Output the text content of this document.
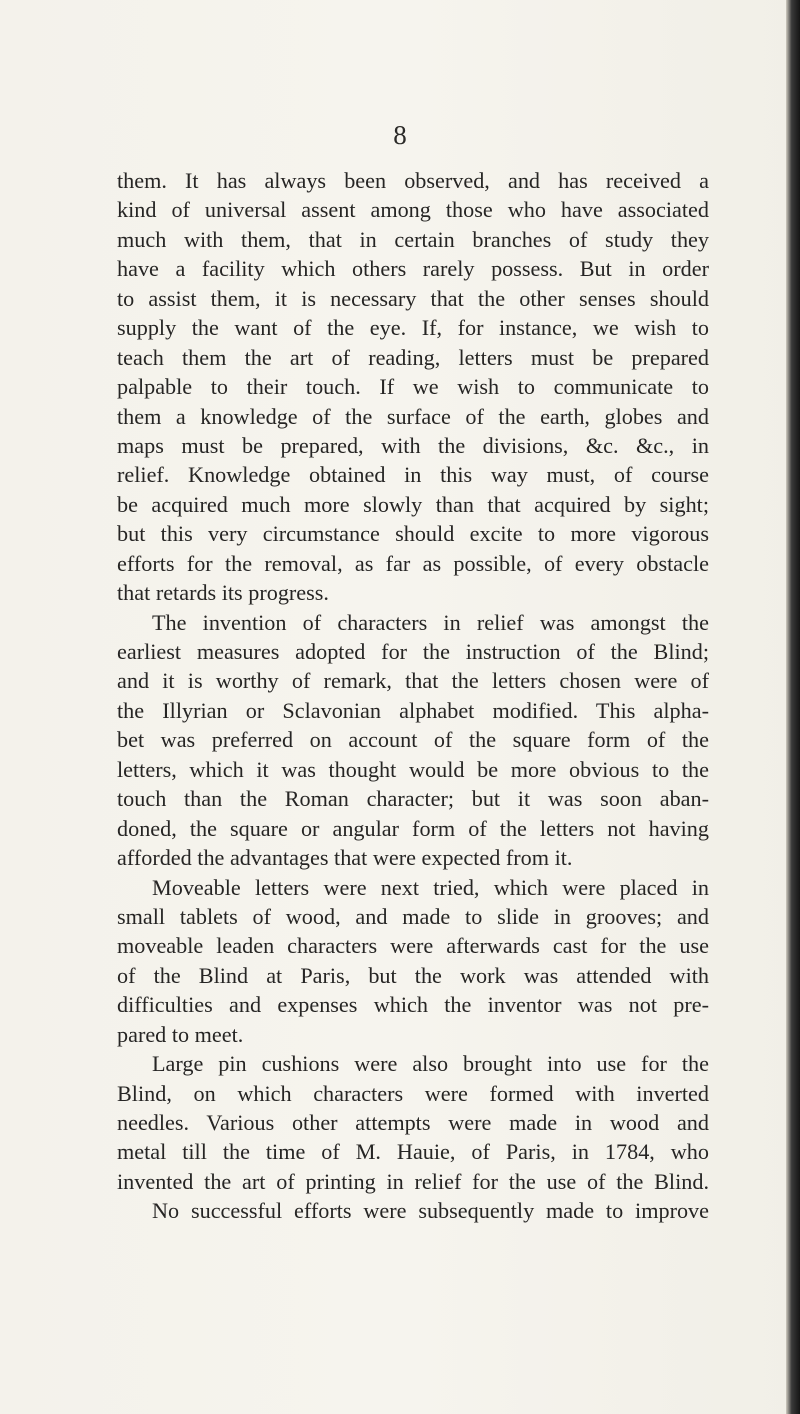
8
them. It has always been observed, and has received a
kind of universal assent among those who have associated
much with them, that in certain branches of study they
have a facility which others rarely possess. But in order
to assist them, it is necessary that the other senses should
supply the want of the eye. If, for instance, we wish to
teach them the art of reading, letters must be prepared
palpable to their touch. If we wish to communicate to
them a knowledge of the surface of the earth, globes and
maps must be prepared, with the divisions, &c. &c., in
relief. Knowledge obtained in this way must, of course
be acquired much more slowly than that acquired by sight;
but this very circumstance should excite to more vigorous
efforts for the removal, as far as possible, of every obstacle
that retards its progress.
The invention of characters in relief was amongst the
earliest measures adopted for the instruction of the Blind;
and it is worthy of remark, that the letters chosen were of
the Illyrian or Sclavonian alphabet modified. This alpha-
bet was preferred on account of the square form of the
letters, which it was thought would be more obvious to the
touch than the Roman character; but it was soon aban-
doned, the square or angular form of the letters not having
afforded the advantages that were expected from it.
Moveable letters were next tried, which were placed in
small tablets of wood, and made to slide in grooves; and
moveable leaden characters were afterwards cast for the use
of the Blind at Paris, but the work was attended with
difficulties and expenses which the inventor was not pre-
pared to meet.
Large pin cushions were also brought into use for the
Blind, on which characters were formed with inverted
needles. Various other attempts were made in wood and
metal till the time of M. Hauie, of Paris, in 1784, who
invented the art of printing in relief for the use of the Blind.
No successful efforts were subsequently made to improve
